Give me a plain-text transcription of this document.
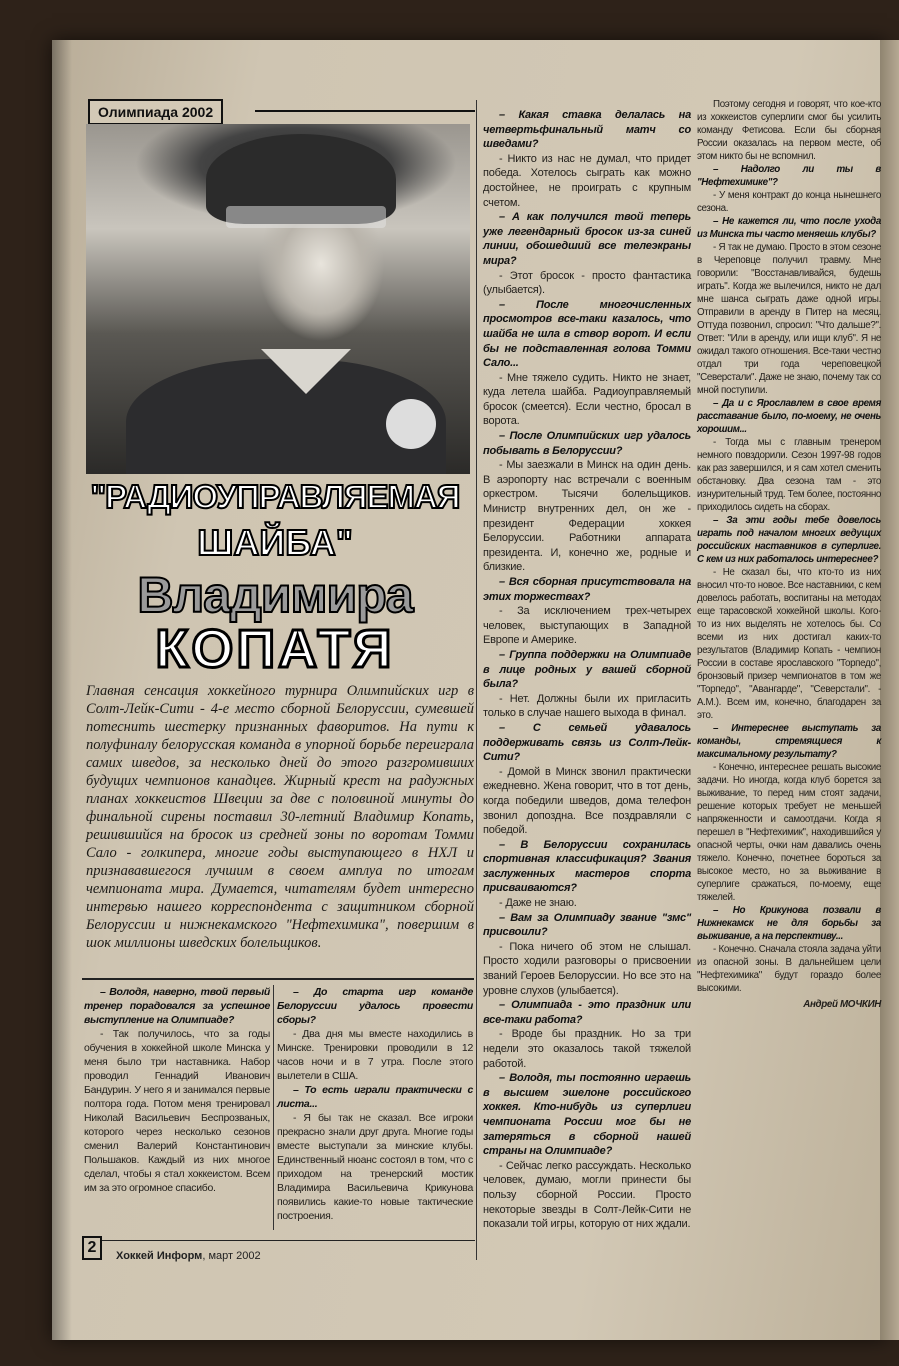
Олимпиада 2002
"РАДИОУПРАВЛЯЕМАЯ
ШАЙБА"
Владимира
КОПАТЯ
Главная сенсация хоккейного турнира Олимпийских игр в Солт-Лейк-Сити - 4-е место сборной Белоруссии, сумевшей потеснить шестерку признанных фаворитов. На пути к полуфиналу белорусская команда в упорной борьбе переиграла самих шведов, за несколько дней до этого разгромивших будущих чемпионов канадцев. Жирный крест на радужных планах хоккеистов Швеции за две с половиной минуты до финальной сирены поставил 30-летний Владимир Копать, решившийся на бросок из средней зоны по воротам Томми Сало - голкипера, многие годы выступающего в НХЛ и признававшегося лучшим в своем амплуа по итогам чемпионата мира. Думается, читателям будет интересно интервью нашего корреспондента с защитником сборной Белоруссии и нижнекамского "Нефтехимика", повершим в шок миллионы шведских болельщиков.

– Володя, наверно, твой первый тренер порадовался за успешное выступление на Олимпиаде?

- Так получилось, что за годы обучения в хоккейной школе Минска у меня было три наставника. Набор проводил Геннадий Иванович Бандурин. У него я и занимался первые полтора года. Потом меня тренировал Николай Васильевич Беспрозваных, которого через несколько сезонов сменил Валерий Константинович Польшаков. Каждый из них многое сделал, чтобы я стал хоккеистом. Всем им за это огромное спасибо.

– До старта игр команде Белоруссии удалось провести сборы?

- Два дня мы вместе находились в Минске. Тренировки проводили в 12 часов ночи и в 7 утра. После этого вылетели в США.

– То есть играли практически с листа...

- Я бы так не сказал. Все игроки прекрасно знали друг друга. Многие годы вместе выступали за минские клубы. Единственный нюанс состоял в том, что с приходом на тренерский мостик Владимира Васильевича Крикунова появились какие-то новые тактические построения.

– Какая ставка делалась на четвертьфинальный матч со шведами?

- Никто из нас не думал, что придет победа. Хотелось сыграть как можно достойнее, не проиграть с крупным счетом.

– А как получился твой теперь уже легендарный бросок из-за синей линии, обошедший все телеэкраны мира?

- Этот бросок - просто фантастика (улыбается).

– После многочисленных просмотров все-таки казалось, что шайба не шла в створ ворот. И если бы не подставленная голова Томми Сало...

- Мне тяжело судить. Никто не знает, куда летела шайба. Радиоуправляемый бросок (смеется). Если честно, бросал в ворота.

– После Олимпийских игр удалось побывать в Белоруссии?

- Мы заезжали в Минск на один день. В аэропорту нас встречали с военным оркестром. Тысячи болельщиков. Министр внутренних дел, он же - президент Федерации хоккея Белоруссии. Работники аппарата президента. И, конечно же, родные и близкие.

– Вся сборная присутствовала на этих торжествах?

- За исключением трех-четырех человек, выступающих в Западной Европе и Америке.

– Группа поддержки на Олимпиаде в лице родных у вашей сборной была?

- Нет. Должны были их пригласить только в случае нашего выхода в финал.

– С семьей удавалось поддерживать связь из Солт-Лейк-Сити?

- Домой в Минск звонил практически ежедневно. Жена говорит, что в тот день, когда победили шведов, дома телефон звонил допоздна. Все поздравляли с победой.

– В Белоруссии сохранилась спортивная классификация? Звания заслуженных мастеров спорта присваиваются?

- Даже не знаю.

– Вам за Олимпиаду звание "змс" присвоили?

- Пока ничего об этом не слышал. Просто ходили разговоры о присвоении званий Героев Белоруссии. Но все это на уровне слухов (улыбается).

– Олимпиада - это праздник или все-таки работа?

- Вроде бы праздник. Но за три недели это оказалось такой тяжелой работой.

– Володя, ты постоянно играешь в высшем эшелоне российского хоккея. Кто-нибудь из суперлиги чемпионата России мог бы не затеряться в сборной нашей страны на Олимпиаде?

- Сейчас легко рассуждать. Несколько человек, думаю, могли принести бы пользу сборной России. Просто некоторые звезды в Солт-Лейк-Сити не показали той игры, которую от них ждали.

Поэтому сегодня и говорят, что кое-кто из хоккеистов суперлиги смог бы усилить команду Фетисова. Если бы сборная России оказалась на первом месте, об этом никто бы не вспомнил.

– Надолго ли ты в "Нефтехимике"?

- У меня контракт до конца нынешнего сезона.

– Не кажется ли, что после ухода из Минска ты часто меняешь клубы?

- Я так не думаю. Просто в этом сезоне в Череповце получил травму. Мне говорили: "Восстанавливайся, будешь играть". Когда же вылечился, никто не дал мне шанса сыграть даже одной игры. Отправили в аренду в Питер на месяц. Оттуда позвонил, спросил: "Что дальше?". Ответ: "Или в аренду, или ищи клуб". Я не ожидал такого отношения. Все-таки честно отдал три года череповецкой "Северстали". Даже не знаю, почему так со мной поступили.

– Да и с Ярославлем в свое время расставание было, по-моему, не очень хорошим...

- Тогда мы с главным тренером немного повздорили. Сезон 1997-98 годов как раз завершился, и я сам хотел сменить обстановку. Два сезона там - это изнурительный труд. Тем более, постоянно приходилось сидеть на сборах.

– За эти годы тебе довелось играть под началом многих ведущих российских наставников в суперлиге. С кем из них работалось интереснее?

- Не сказал бы, что кто-то из них вносил что-то новое. Все наставники, с кем довелось работать, воспитаны на методах еще тарасовской хоккейной школы. Кого-то из них выделять не хотелось бы. Со всеми из них достигал каких-то результатов (Владимир Копать - чемпион России в составе ярославского "Торпедо", бронзовый призер чемпионатов в том же "Торпедо", "Авангарде", "Северстали". - А.М.). Всем им, конечно, благодарен за это.

– Интереснее выступать за команды, стремящиеся к максимальному результату?

- Конечно, интереснее решать высокие задачи. Но иногда, когда клуб борется за выживание, то перед ним стоят задачи, решение которых требует не меньшей напряженности и самоотдачи. Когда я перешел в "Нефтехимик", находившийся у опасной черты, очки нам давались очень тяжело. Конечно, почетнее бороться за высокое место, но за выживание в суперлиге сражаться, по-моему, еще тяжелей.

– Но Крикунова позвали в Нижнекамск не для борьбы за выживание, а на перспективу...

- Конечно. Сначала стояла задача уйти из опасной зоны. В дальнейшем цели "Нефтехимика" будут гораздо более высокими.

Андрей МОЧКИН
2	Хоккей Информ, март 2002
